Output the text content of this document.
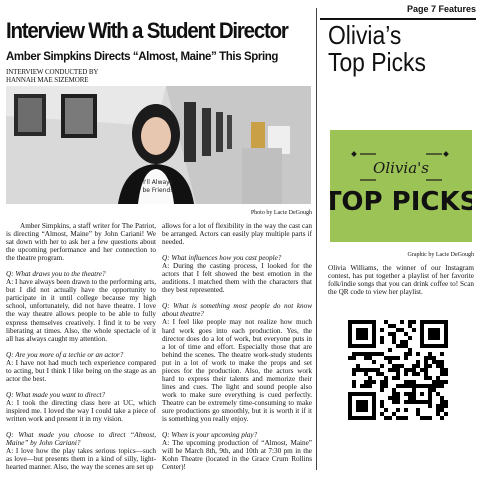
Page 7 Features
Interview With a Student Director
Amber Simpkins Directs “Almost, Maine” This Spring
INTERVIEW CONDUCTED BY
HANNAH MAE SIZEMORE
I'll Always
be Friends
Photo by Lacie DeGough

Amber Simpkins, a staff writer for The Patriot, is directing “Almost, Maine” by John Cariani! We sat down with her to ask her a few questions about the upcoming performance and her connection to the theatre program.

Q: What draws you to the theatre?

A: I have always been drawn to the performing arts, but I did not actually have the opportunity to participate in it until college because my high school, unfortunately, did not have theatre. I love the way theatre allows people to be able to fully express themselves creatively. I find it to be very liberating at times. Also, the whole spectacle of it all has always caught my attention.

Q: Are you more of a techie or an actor?

A: I have not had much tech experience compared to acting, but I think I like being on the stage as an actor the best.

Q: What made you want to direct?

A: I took the directing class here at UC, which inspired me. I loved the way I could take a piece of written work and present it in my vision.

Q: What made you choose to direct “Almost, Maine” by John Cariani?

A: I love how the play takes serious topics—such as love—but presents them in a kind of silly, light-hearted manner. Also, the way the scenes are set up

allows for a lot of flexibility in the way the cast can be arranged. Actors can easily play multiple parts if needed.

Q: What influences how you cast people?

A: During the casting process, I looked for the actors that I felt showed the best emotion in the auditions. I matched them with the characters that they best represented.

Q: What is something most people do not know about theatre?

A: I feel like people may not realize how much hard work goes into each production. Yes, the director does do a lot of work, but everyone puts in a lot of time and effort. Especially those that are behind the scenes. The theatre work-study students put in a lot of work to make the props and set pieces for the production. Also, the actors work hard to express their talents and memorize their lines and cues. The light and sound people also work to make sure everything is cued perfectly. Theatre can be extremely time-consuming to make sure productions go smoothly, but it is worth it if it is something you really enjoy.

Q: When is your upcoming play?

A: The upcoming production of “Almost, Maine” will be March 8th, 9th, and 10th at 7:30 pm in the Kohn Theatre (located in the Grace Crum Rollins Center)!

Olivia’s
Top Picks
Olivia's
TOP PICKS
Graphic by Lacie DeGough
Olivia Williams, the winner of our Instagram contest, has put together a playlist of her favorite folk/indie songs that you can drink coffee to! Scan the QR code to view her playlist.
